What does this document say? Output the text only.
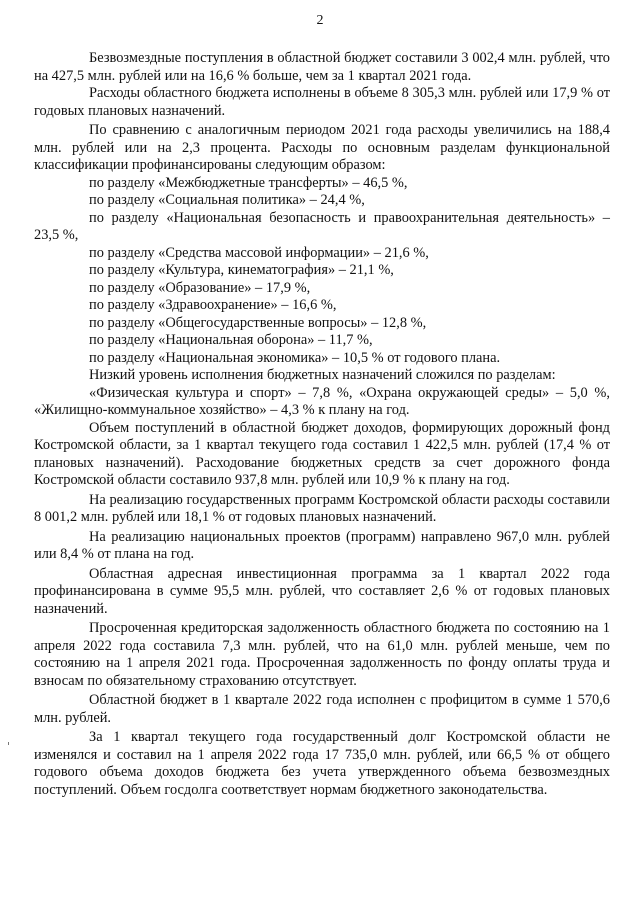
2

Безвозмездные поступления в областной бюджет составили 3 002,4 млн. рублей, что на 427,5 млн. рублей или на 16,6 % больше, чем за 1 квартал 2021 года.

Расходы областного бюджета исполнены в объеме 8 305,3 млн. рублей или 17,9 % от годовых плановых назначений.

По сравнению с аналогичным периодом 2021 года расходы увеличились на 188,4 млн. рублей или на 2,3 процента. Расходы по основным разделам функциональной классификации профинансированы следующим образом:

по разделу «Межбюджетные трансферты» – 46,5 %,

по разделу «Социальная политика» – 24,4 %,

по разделу «Национальная безопасность и правоохранительная деятельность» – 23,5 %,

по разделу «Средства массовой информации» – 21,6 %,

по разделу «Культура, кинематография» – 21,1 %,

по разделу «Образование» – 17,9 %,

по разделу «Здравоохранение» – 16,6 %,

по разделу «Общегосударственные вопросы» – 12,8 %,

по разделу «Национальная оборона» – 11,7 %,

по разделу «Национальная экономика» – 10,5 % от годового плана.

Низкий уровень исполнения бюджетных назначений сложился по разделам:

«Физическая культура и спорт» – 7,8 %, «Охрана окружающей среды» – 5,0 %, «Жилищно-коммунальное хозяйство» – 4,3 % к плану на год.

Объем поступлений в областной бюджет доходов, формирующих дорожный фонд Костромской области, за 1 квартал текущего года составил 1 422,5 млн. рублей (17,4 % от плановых назначений). Расходование бюджетных средств за счет дорожного фонда Костромской области составило 937,8 млн. рублей или 10,9 % к плану на год.

На реализацию государственных программ Костромской области расходы составили 8 001,2 млн. рублей или 18,1 % от годовых плановых назначений.

На реализацию национальных проектов (программ) направлено 967,0 млн. рублей или 8,4 % от плана на год.

Областная адресная инвестиционная программа за 1 квартал 2022 года профинансирована в сумме 95,5 млн. рублей, что составляет 2,6 % от годовых плановых назначений.

Просроченная кредиторская задолженность областного бюджета по состоянию на 1 апреля 2022 года составила 7,3 млн. рублей, что на 61,0 млн. рублей меньше, чем по состоянию на 1 апреля 2021 года. Просроченная задолженность по фонду оплаты труда и взносам по обязательному страхованию отсутствует.

Областной бюджет в 1 квартале 2022 года исполнен с профицитом в сумме 1 570,6 млн. рублей.

За 1 квартал текущего года государственный долг Костромской области не изменялся и составил на 1 апреля 2022 года 17 735,0 млн. рублей, или 66,5 % от общего годового объема доходов бюджета без учета утвержденного объема безвозмездных поступлений. Объем госдолга соответствует нормам бюджетного законодательства.
